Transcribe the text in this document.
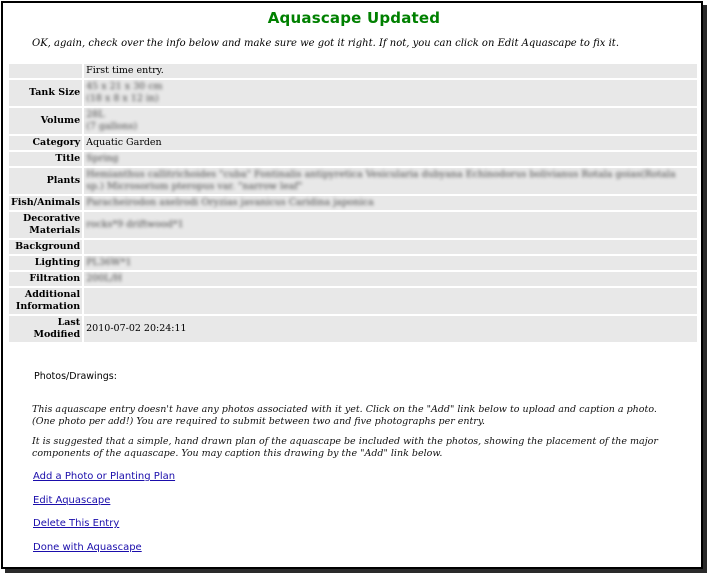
Aquascape Updated
OK, again, check over the info below and make sure we got it right. If not, you can click on Edit Aquascape to fix it.
	First time entry.
Tank Size	45 x 21 x 30 cm
(18 x 8 x 12 in)
Volume	28L
(7 gallons)
Category	Aquatic Garden
Title	Spring
Plants	Hemianthus callitrichoides "cuba" Fontinalis antipyretica Vesicularia dubyana Echinodorus bolivianus Rotala goias(Rotala sp.) Microsorium pteropus var. "narrow leaf"
Fish/Animals	Paracheirodon axelrodi Oryzias javanicus Caridina japonica
Decorative Materials	rocks*9 driftwood*1
Background	
Lighting	PL36W*1
Filtration	200L/H
Additional Information	
Last Modified	2010-07-02 20:24:11
Photos/Drawings:
This aquascape entry doesn't have any photos associated with it yet. Click on the "Add" link below to upload and caption a photo. (One photo per add!) You are required to submit between two and five photographs per entry.
It is suggested that a simple, hand drawn plan of the aquascape be included with the photos, showing the placement of the major components of the aquascape. You may caption this drawing by the "Add" link below.
Add a Photo or Planting Plan
Edit Aquascape
Delete This Entry
Done with Aquascape
